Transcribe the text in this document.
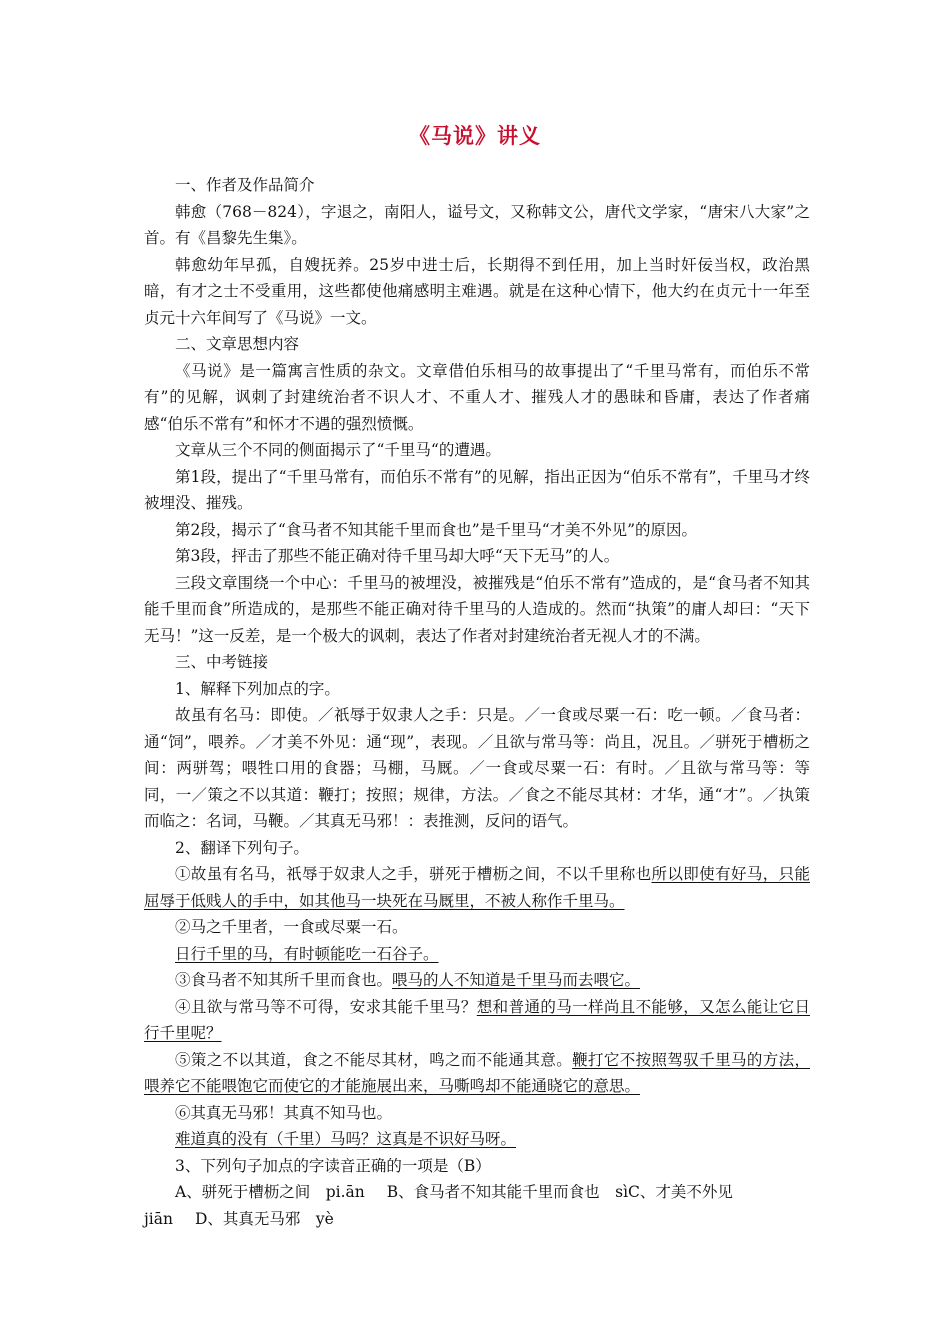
《马说》讲义

一、作者及作品简介

韩愈（768－824），字退之，南阳人，谥号文，又称韩文公，唐代文学家，“唐宋八大家”之首。有《昌黎先生集》。

韩愈幼年早孤，自嫂抚养。25岁中进士后，长期得不到任用，加上当时奸佞当权，政治黑暗，有才之士不受重用，这些都使他痛感明主难遇。就是在这种心情下，他大约在贞元十一年至贞元十六年间写了《马说》一文。

二、文章思想内容

《马说》是一篇寓言性质的杂文。文章借伯乐相马的故事提出了“千里马常有，而伯乐不常有”的见解，讽刺了封建统治者不识人才、不重人才、摧残人才的愚昧和昏庸，表达了作者痛感“伯乐不常有”和怀才不遇的强烈愤慨。

文章从三个不同的侧面揭示了“千里马“的遭遇。

第1段，提出了“千里马常有，而伯乐不常有”的见解，指出正因为“伯乐不常有”，千里马才终被埋没、摧残。

第2段，揭示了“食马者不知其能千里而食也”是千里马“才美不外见”的原因。

第3段，抨击了那些不能正确对待千里马却大呼“天下无马”的人。

三段文章围绕一个中心：千里马的被埋没，被摧残是“伯乐不常有”造成的，是“食马者不知其能千里而食”所造成的，是那些不能正确对待千里马的人造成的。然而“执策”的庸人却曰：“天下无马！”这一反差，是一个极大的讽刺，表达了作者对封建统治者无视人才的不满。

三、中考链接

1、解释下列加点的字。

故虽有名马：即使。／祇辱于奴隶人之手：只是。／一食或尽粟一石：吃一顿。／食马者：通“饲”，喂养。／才美不外见：通“现”，表现。／且欲与常马等：尚且，况且。／骈死于槽枥之间：两骈驾；喂牲口用的食器；马棚，马厩。／一食或尽粟一石：有时。／且欲与常马等：等同，一／策之不以其道：鞭打；按照；规律，方法。／食之不能尽其材：才华，通“才”。／执策而临之：名词，马鞭。／其真无马邪！：表推测，反问的语气。

2、翻译下列句子。

①故虽有名马，祇辱于奴隶人之手，骈死于槽枥之间，不以千里称也所以即使有好马，只能屈辱于低贱人的手中，如其他马一块死在马厩里，不被人称作千里马。

②马之千里者，一食或尽粟一石。

日行千里的马，有时顿能吃一石谷子。

③食马者不知其所千里而食也。喂马的人不知道是千里马而去喂它。

④且欲与常马等不可得，安求其能千里马？想和普通的马一样尚且不能够，又怎么能让它日行千里呢？

⑤策之不以其道，食之不能尽其材，鸣之而不能通其意。鞭打它不按照驾驭千里马的方法，喂养它不能喂饱它而使它的才能施展出来，马嘶鸣却不能通晓它的意思。

⑥其真无马邪！其真不知马也。

难道真的没有（千里）马吗？这真是不识好马呀。

3、下列句子加点的字读音正确的一项是（B）

A、骈死于槽枥之间　pi.ān B、食马者不知其能千里而食也　sìC、才美不外见

jiān D、其真无马邪　yè
